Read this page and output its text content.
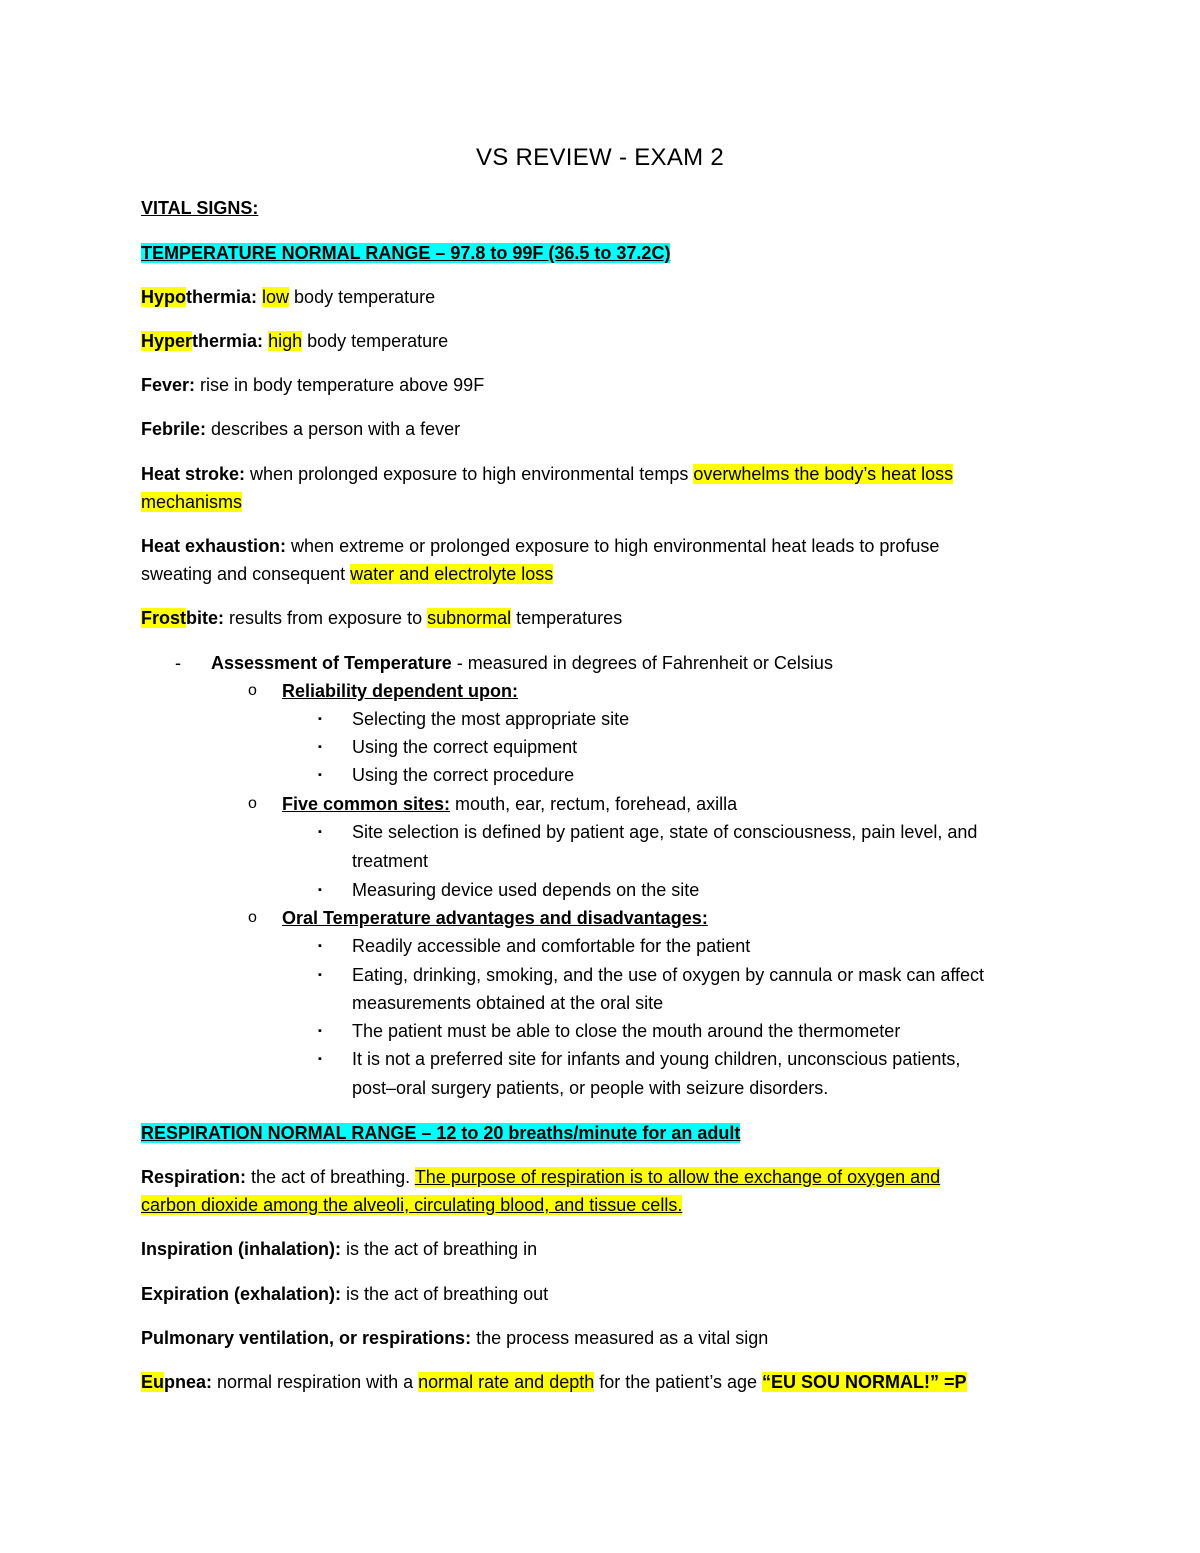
VS REVIEW - EXAM 2
VITAL SIGNS:
TEMPERATURE NORMAL RANGE – 97.8 to 99F (36.5 to 37.2C)
Hypothermia: low body temperature
Hyperthermia: high body temperature
Fever: rise in body temperature above 99F
Febrile: describes a person with a fever
Heat stroke: when prolonged exposure to high environmental temps overwhelms the body’s heat loss
mechanisms
Heat exhaustion: when extreme or prolonged exposure to high environmental heat leads to profuse
sweating and consequent water and electrolyte loss
Frostbite: results from exposure to subnormal temperatures
- Assessment of Temperature - measured in degrees of Fahrenheit or Celsius
o Reliability dependent upon:
▪ Selecting the most appropriate site
▪ Using the correct equipment
▪ Using the correct procedure
o Five common sites: mouth, ear, rectum, forehead, axilla
▪ Site selection is defined by patient age, state of consciousness, pain level, and
treatment
▪ Measuring device used depends on the site
o Oral Temperature advantages and disadvantages:
▪ Readily accessible and comfortable for the patient
▪ Eating, drinking, smoking, and the use of oxygen by cannula or mask can affect
measurements obtained at the oral site
▪ The patient must be able to close the mouth around the thermometer
▪ It is not a preferred site for infants and young children, unconscious patients,
post–oral surgery patients, or people with seizure disorders.
RESPIRATION NORMAL RANGE – 12 to 20 breaths/minute for an adult
Respiration: the act of breathing. The purpose of respiration is to allow the exchange of oxygen and
carbon dioxide among the alveoli, circulating blood, and tissue cells.
Inspiration (inhalation): is the act of breathing in
Expiration (exhalation): is the act of breathing out
Pulmonary ventilation, or respirations: the process measured as a vital sign
Eupnea: normal respiration with a normal rate and depth for the patient’s age “EU SOU NORMAL!” =P
